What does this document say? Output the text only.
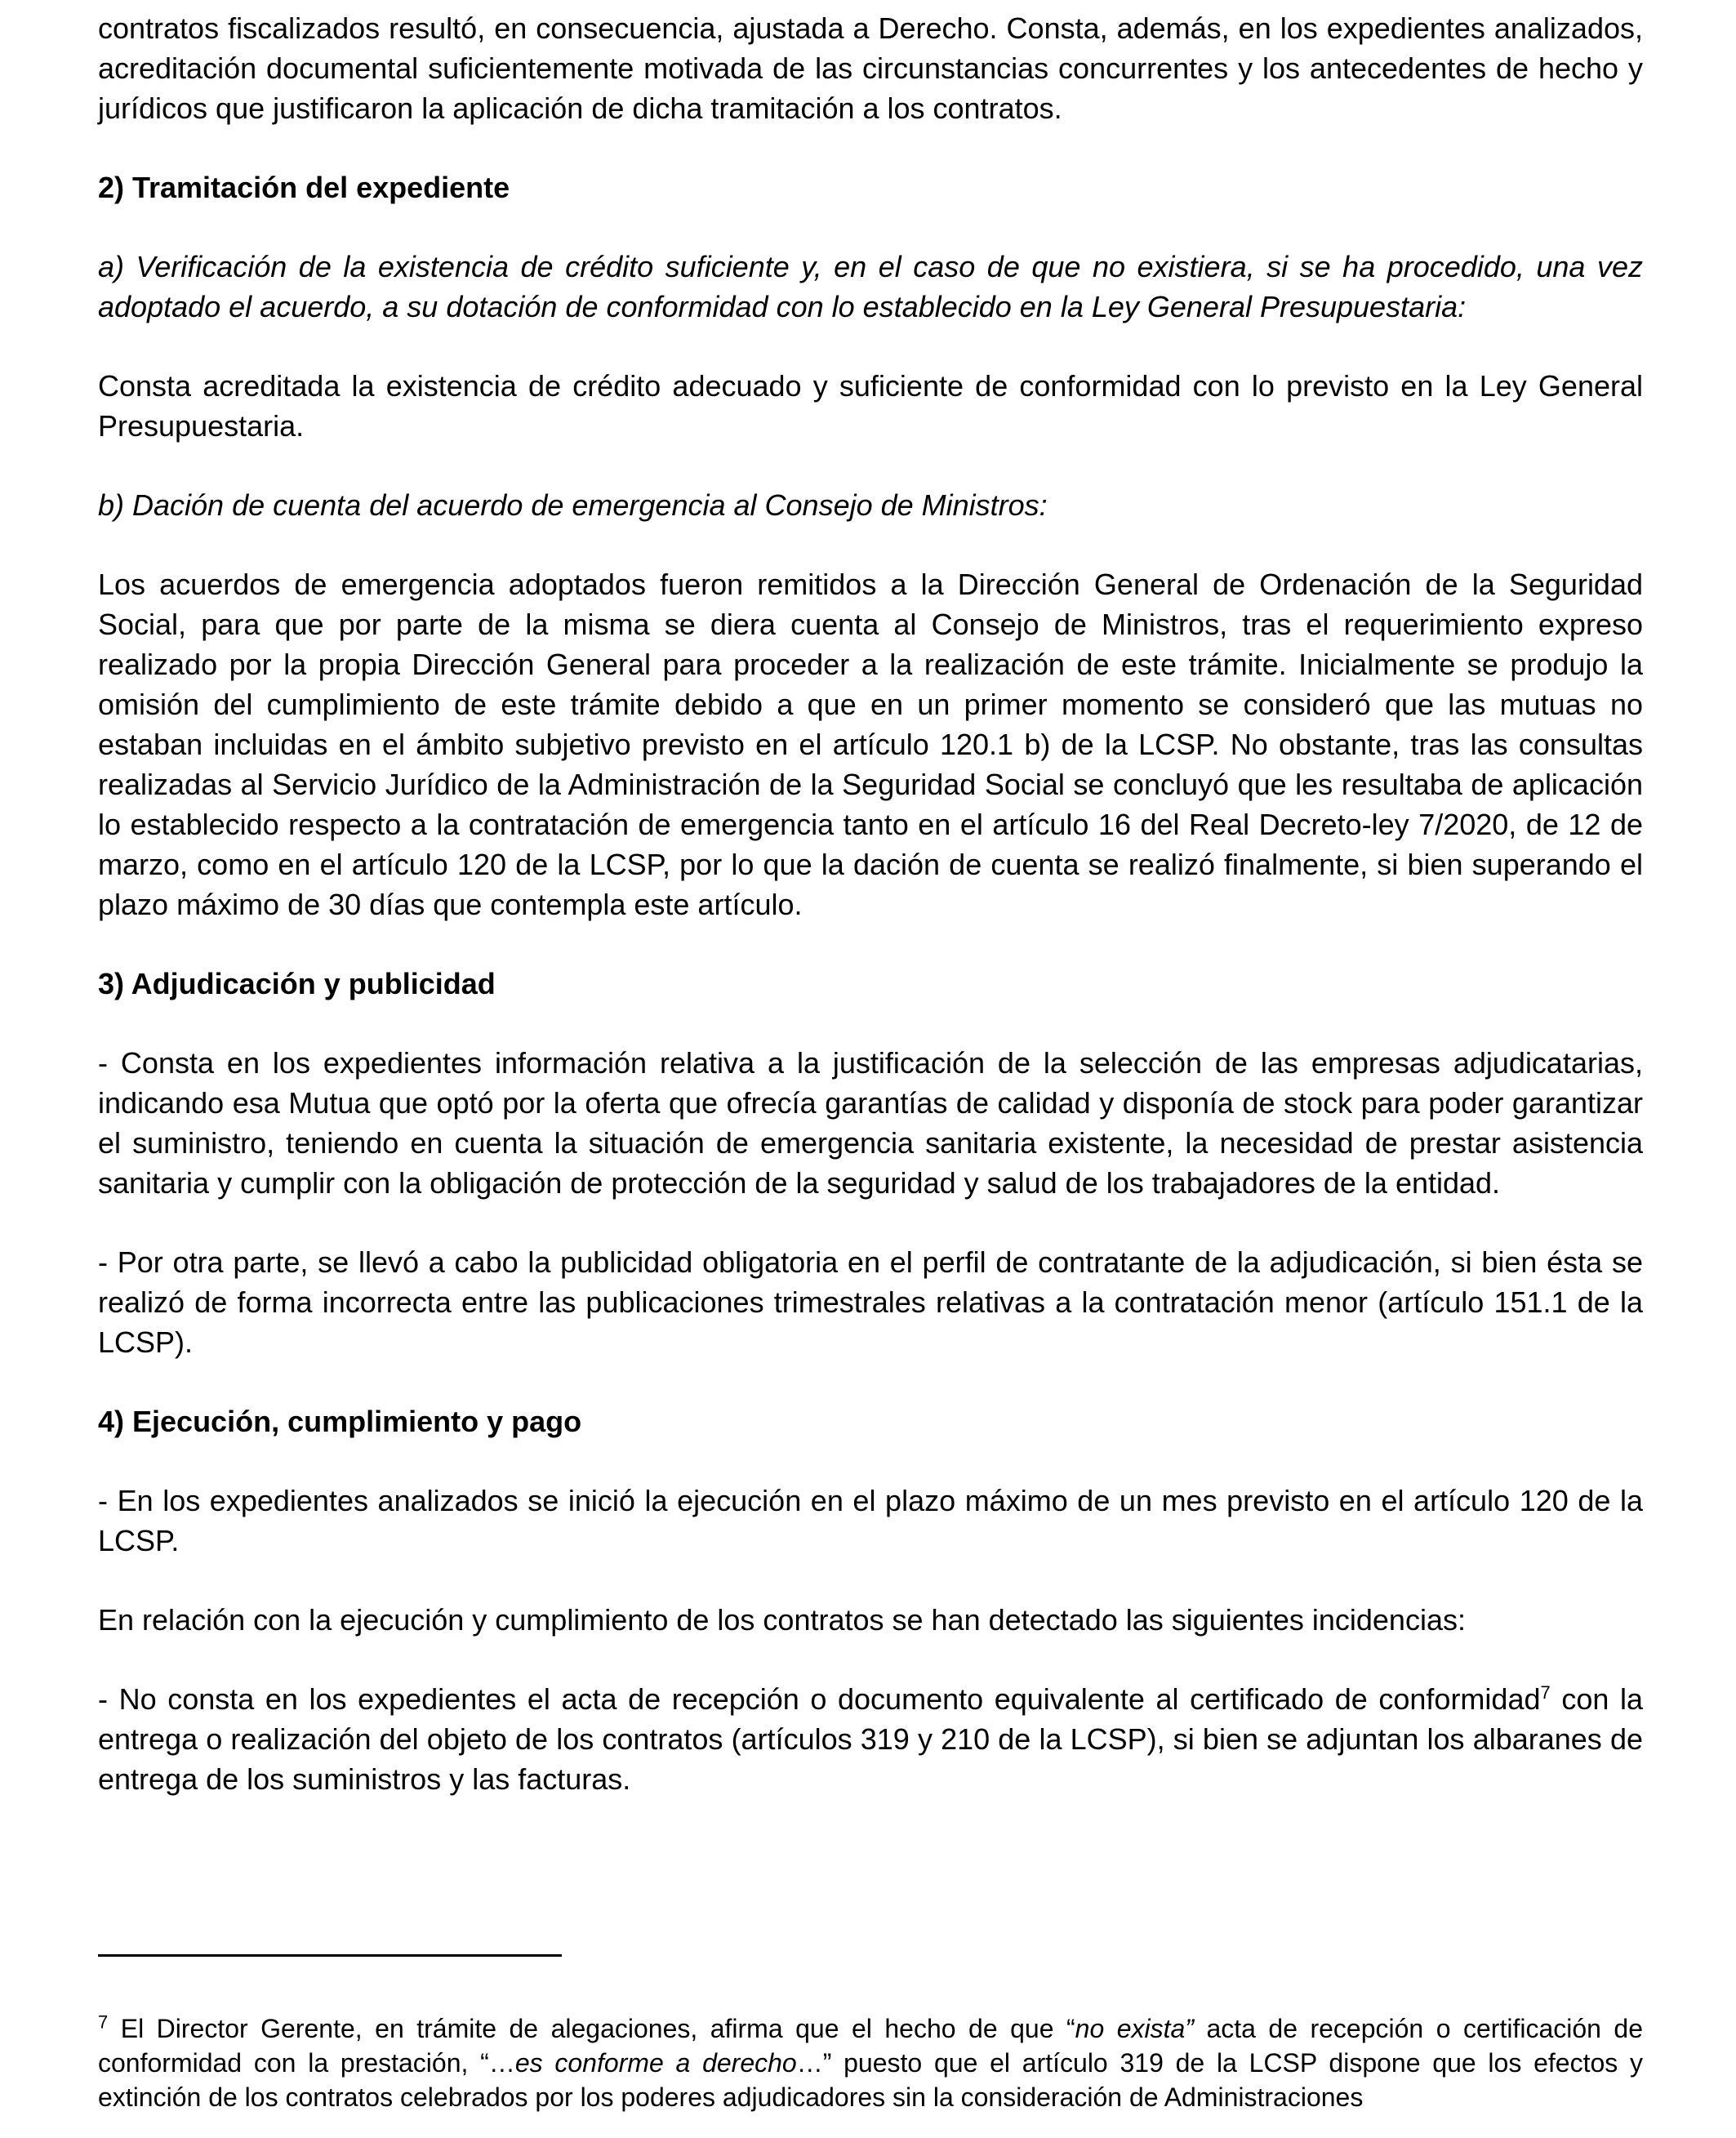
contratos fiscalizados resultó, en consecuencia, ajustada a Derecho. Consta, además, en los expedientes analizados, acreditación documental suficientemente motivada de las circunstancias concurrentes y los antecedentes de hecho y jurídicos que justificaron la aplicación de dicha tramitación a los contratos.

2) Tramitación del expediente

a) Verificación de la existencia de crédito suficiente y, en el caso de que no existiera, si se ha procedido, una vez adoptado el acuerdo, a su dotación de conformidad con lo establecido en la Ley General Presupuestaria:

Consta acreditada la existencia de crédito adecuado y suficiente de conformidad con lo previsto en la Ley General Presupuestaria.

b) Dación de cuenta del acuerdo de emergencia al Consejo de Ministros:

Los acuerdos de emergencia adoptados fueron remitidos a la Dirección General de Ordenación de la Seguridad Social, para que por parte de la misma se diera cuenta al Consejo de Ministros, tras el requerimiento expreso realizado por la propia Dirección General para proceder a la realización de este trámite. Inicialmente se produjo la omisión del cumplimiento de este trámite debido a que en un primer momento se consideró que las mutuas no estaban incluidas en el ámbito subjetivo previsto en el artículo 120.1 b) de la LCSP. No obstante, tras las consultas realizadas al Servicio Jurídico de la Administración de la Seguridad Social se concluyó que les resultaba de aplicación lo establecido respecto a la contratación de emergencia tanto en el artículo 16 del Real Decreto-ley 7/2020, de 12 de marzo, como en el artículo 120 de la LCSP, por lo que la dación de cuenta se realizó finalmente, si bien superando el plazo máximo de 30 días que contempla este artículo.

3) Adjudicación y publicidad

- Consta en los expedientes información relativa a la justificación de la selección de las empresas adjudicatarias, indicando esa Mutua que optó por la oferta que ofrecía garantías de calidad y disponía de stock para poder garantizar el suministro, teniendo en cuenta la situación de emergencia sanitaria existente, la necesidad de prestar asistencia sanitaria y cumplir con la obligación de protección de la seguridad y salud de los trabajadores de la entidad.

- Por otra parte, se llevó a cabo la publicidad obligatoria en el perfil de contratante de la adjudicación, si bien ésta se realizó de forma incorrecta entre las publicaciones trimestrales relativas a la contratación menor (artículo 151.1 de la LCSP).

4) Ejecución, cumplimiento y pago

- En los expedientes analizados se inició la ejecución en el plazo máximo de un mes previsto en el artículo 120 de la LCSP.

En relación con la ejecución y cumplimiento de los contratos se han detectado las siguientes incidencias:

- No consta en los expedientes el acta de recepción o documento equivalente al certificado de conformidad$^7$ con la entrega o realización del objeto de los contratos (artículos 319 y 210 de la LCSP), si bien se adjuntan los albaranes de entrega de los suministros y las facturas.

$^7$ El Director Gerente, en trámite de alegaciones, afirma que el hecho de que “no exista” acta de recepción o certificación de conformidad con la prestación, “…es conforme a derecho…” puesto que el artículo 319 de la LCSP dispone que los efectos y extinción de los contratos celebrados por los poderes adjudicadores sin la consideración de Administraciones
